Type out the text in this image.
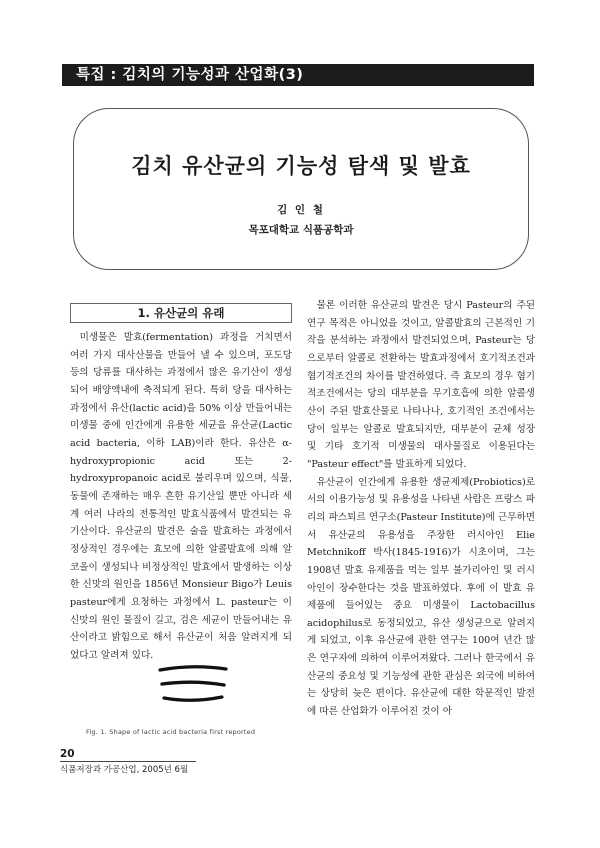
특집 : 김치의 기능성과 산업화(3)
김치 유산균의 기능성 탐색 및 발효
김 인 철
목포대학교 식품공학과
1. 유산균의 유래

미생물은 발효(fermentation) 과정을 거치면서 여러 가지 대사산물을 만들어 낼 수 있으며, 포도당 등의 당류를 대사하는 과정에서 많은 유기산이 생성되어 배양액내에 축적되게 된다. 특히 당을 대사하는 과정에서 유산(lactic acid)을 50% 이상 만들어내는 미생물 중에 인간에게 유용한 세균을 유산균(Lactic acid bacteria, 이하 LAB)이라 한다. 유산은 α-hydroxypropionic acid 또는 2-hydroxypropanoic acid로 불리우며 있으며, 식물, 동물에 존재하는 매우 흔한 유기산일 뿐만 아니라 세계 여러 나라의 전통적인 발효식품에서 발견되는 유기산이다. 유산균의 발견은 술을 발효하는 과정에서 정상적인 경우에는 효모에 의한 알콜발효에 의해 알코올이 생성되나 비정상적인 발효에서 발생하는 이상한 신맛의 원인을 1856년 Monsieur Bigo가 Leuis pasteur에게 요청하는 과정에서 L. pasteur는 이 신맛의 원인 물질이 길고, 검은 세균이 만들어내는 유산이라고 밝힘으로 해서 유산균이 처음 알려지게 되었다고 알려져 있다.

물론 이러한 유산균의 발견은 당시 Pasteur의 주된 연구 목적은 아니었을 것이고, 알콜발효의 근본적인 기작을 분석하는 과정에서 발견되었으며, Pasteur는 당으로부터 알콜로 전환하는 발효과정에서 호기적조건과 혐기적조건의 차이를 발견하였다. 즉 효모의 경우 혐기적조건에서는 당의 대부분을 무기호흡에 의한 알콜생산이 주된 발효산물로 나타나나, 호기적인 조건에서는 당이 일부는 알콜로 발효되지만, 대부분이 균체 성장 및 기타 호기적 미생물의 대사물질로 이용된다는 "Pasteur effect"를 발표하게 되었다.

유산균이 인간에게 유용한 생균제제(Probiotics)로서의 이용가능성 및 유용성을 나타낸 사람은 프랑스 파리의 파스퇴르 연구소(Pasteur Institute)에 근무하면서 유산균의 유용성을 주장한 러시아인 Elie Metchnikoff 박사(1845-1916)가 시초이며, 그는 1908년 발효 유제품을 먹는 일부 불가리아인 및 러시아인이 장수한다는 것을 발표하였다. 후에 이 발효 유제품에 들어있는 중요 미생물이 Lactobacillus acidophilus로 동정되었고, 유산 생성균으로 알려지게 되었고, 이후 유산균에 관한 연구는 100여 년간 많은 연구자에 의하여 이루어져왔다. 그러나 한국에서 유산균의 중요성 및 기능성에 관한 관심은 외국에 비하여는 상당히 늦은 편이다. 유산균에 대한 학문적인 발전에 따른 산업화가 이루어진 것이 아

Fig. 1. Shape of lactic acid bacteria first reported
20
식품저장과 가공산업, 2005년 6월
